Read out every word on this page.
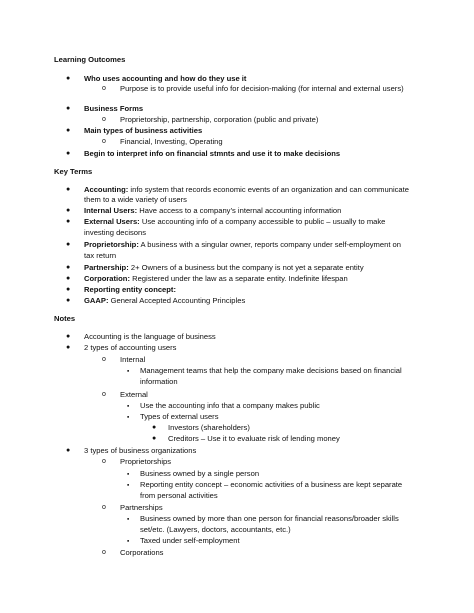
Learning Outcomes
● Who uses accounting and how do they use it
o Purpose is to provide useful info for decision-making (for internal and external users)
● Business Forms
o Proprietorship, partnership, corporation (public and private)
● Main types of business activities
o Financial, Investing, Operating
● Begin to interpret info on financial stmnts and use it to make decisions
Key Terms
● Accounting: info system that records economic events of an organization and can communicate
them to a wide variety of users
● Internal Users: Have access to a company’s internal accounting information
● External Users: Use accounting info of a company accessible to public – usually to make
investing decisons
● Proprietorship: A business with a singular owner, reports company under self-employment on
tax return
● Partnership: 2+ Owners of a business but the company is not yet a separate entity
● Corporation: Registered under the law as a separate entity. Indefinite lifespan
● Reporting entity concept:
● GAAP: General Accepted Accounting Principles
Notes
● Accounting is the language of business
● 2 types of accounting users
o Internal
▪ Management teams that help the company make decisions based on financial
information
o External
▪ Use the accounting info that a company makes public
▪ Types of external users
● Investors (shareholders)
● Creditors – Use it to evaluate risk of lending money
● 3 types of business organizations
o Proprietorships
▪ Business owned by a single person
▪ Reporting entity concept – economic activities of a business are kept separate
from personal activities
o Partnerships
▪ Business owned by more than one person for financial reasons/broader skills
set/etc. (Lawyers, doctors, accountants, etc.)
▪ Taxed under self-employment
o Corporations
